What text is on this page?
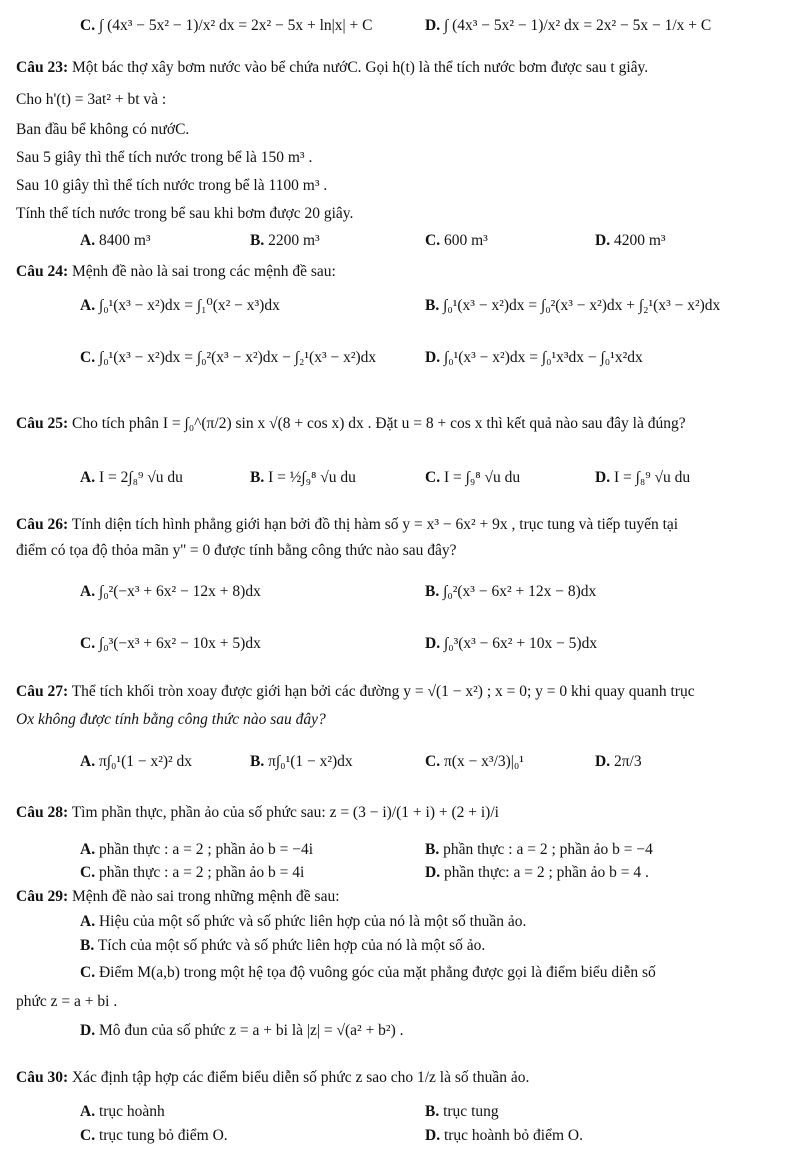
C. ∫ (4x³ − 5x² − 1)/x² dx = 2x² − 5x + ln|x| + C	D. ∫ (4x³ − 5x² − 1)/x² dx = 2x² − 5x − 1/x + C
Câu 23: Một bác thợ xây bơm nước vào bể chứa nướC. Gọi h(t) là thể tích nước bơm được sau t giây.
Cho h'(t) = 3at² + bt và :
Ban đầu bể không có nướC.
Sau 5 giây thì thể tích nước trong bể là 150 m³ .
Sau 10 giây thì thể tích nước trong bể là 1100 m³ .
Tính thể tích nước trong bể sau khi bơm được 20 giây.
A. 8400 m³	B. 2200 m³	C. 600 m³	D. 4200 m³
Câu 24: Mệnh đề nào là sai trong các mệnh đề sau:
A. ∫₀¹(x³ − x²)dx = ∫₁⁰(x² − x³)dx	B. ∫₀¹(x³ − x²)dx = ∫₀²(x³ − x²)dx + ∫₂¹(x³ − x²)dx
C. ∫₀¹(x³ − x²)dx = ∫₀²(x³ − x²)dx − ∫₂¹(x³ − x²)dx	D. ∫₀¹(x³ − x²)dx = ∫₀¹x³dx − ∫₀¹x²dx
Câu 25: Cho tích phân I = ∫₀^(π/2) sin x √(8 + cos x) dx . Đặt u = 8 + cos x thì kết quả nào sau đây là đúng?
A. I = 2∫₈⁹ √u du	B. I = ½∫₉⁸ √u du	C. I = ∫₉⁸ √u du	D. I = ∫₈⁹ √u du
Câu 26: Tính diện tích hình phẳng giới hạn bởi đồ thị hàm số y = x³ − 6x² + 9x , trục tung và tiếp tuyến tại
điểm có tọa độ thỏa mãn y'' = 0 được tính bằng công thức nào sau đây?
A. ∫₀²(−x³ + 6x² − 12x + 8)dx	B. ∫₀²(x³ − 6x² + 12x − 8)dx
C. ∫₀³(−x³ + 6x² − 10x + 5)dx	D. ∫₀³(x³ − 6x² + 10x − 5)dx
Câu 27: Thể tích khối tròn xoay được giới hạn bởi các đường y = √(1 − x²) ; x = 0; y = 0 khi quay quanh trục
Ox không được tính bằng công thức nào sau đây?
A. π∫₀¹(1 − x²)² dx	B. π∫₀¹(1 − x²)dx	C. π(x − x³/3)|₀¹	D. 2π/3
Câu 28: Tìm phần thực, phần ảo của số phức sau: z = (3 − i)/(1 + i) + (2 + i)/i
A. phần thực : a = 2 ; phần ảo b = −4i	B. phần thực : a = 2 ; phần ảo b = −4
C. phần thực : a = 2 ; phần ảo b = 4i	D. phần thực: a = 2 ; phần ảo b = 4 .
Câu 29: Mệnh đề nào sai trong những mệnh đề sau:
A. Hiệu của một số phức và số phức liên hợp của nó là một số thuần ảo.
B. Tích của một số phức và số phức liên hợp của nó là một số ảo.
C. Điểm M(a,b) trong một hệ tọa độ vuông góc của mặt phẳng được gọi là điểm biểu diễn số
phức z = a + bi .
D. Mô đun của số phức z = a + bi là |z| = √(a² + b²) .
Câu 30: Xác định tập hợp các điểm biểu diễn số phức z sao cho 1/z là số thuần ảo.
A. trục hoành	B. trục tung
C. trục tung bỏ điểm O.	D. trục hoành bỏ điểm O.
